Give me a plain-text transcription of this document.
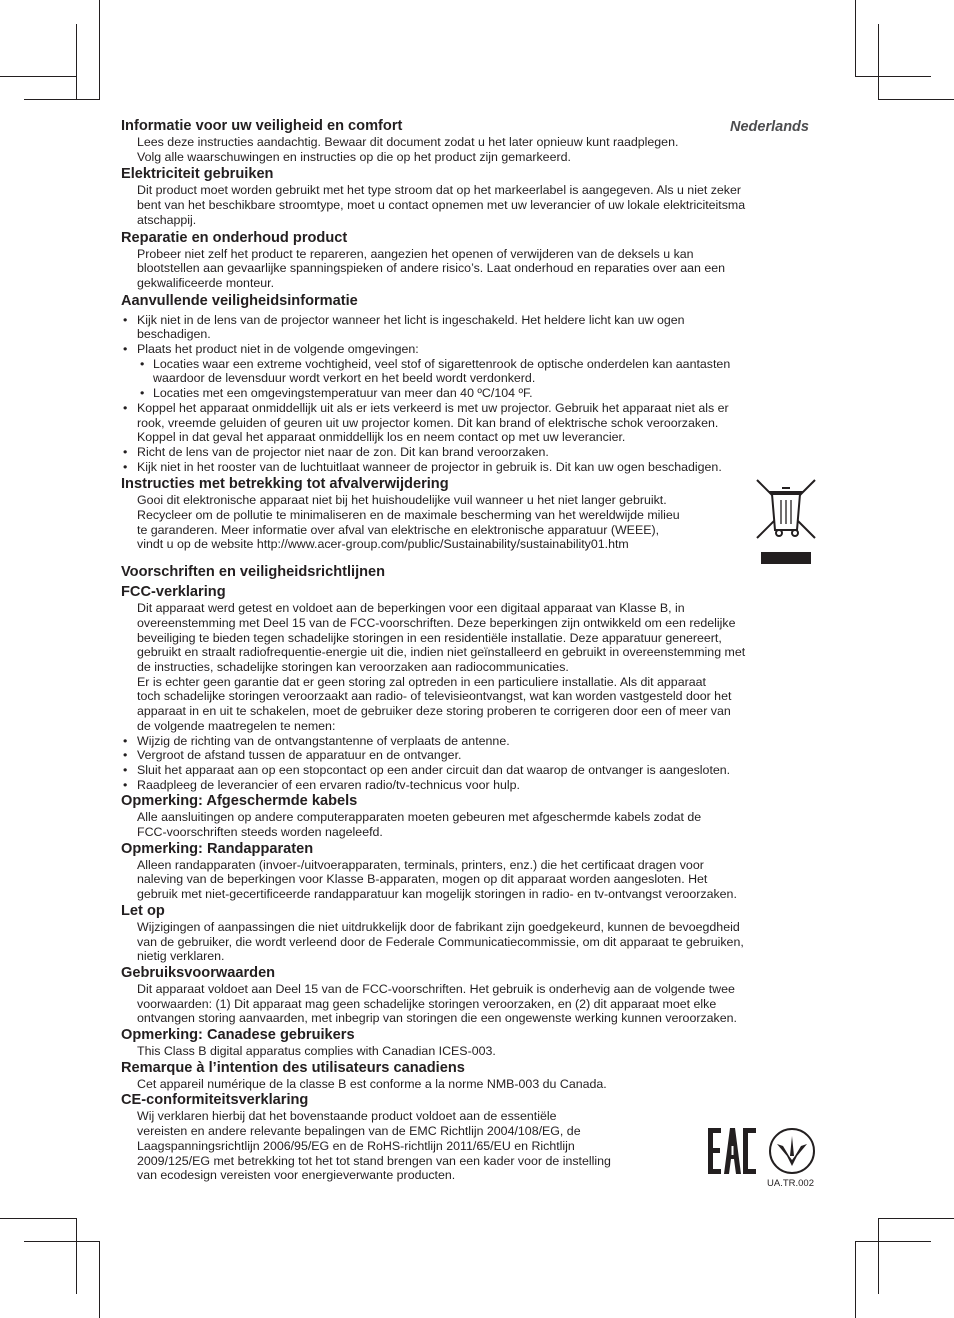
Nederlands
Informatie voor uw veiligheid en comfort
Lees deze instructies aandachtig. Bewaar dit document zodat u het later opnieuw kunt raadplegen.
Volg alle waarschuwingen en instructies op die op het product zijn gemarkeerd.
Elektriciteit gebruiken
Dit product moet worden gebruikt met het type stroom dat op het markeerlabel is aangegeven. Als u niet zeker
bent van het beschikbare stroomtype, moet u contact opnemen met uw leverancier of uw lokale elektriciteitsma
atschappij.
Reparatie en onderhoud product
Probeer niet zelf het product te repareren, aangezien het openen of verwijderen van de deksels u kan
blootstellen aan gevaarlijke spanningspieken of andere risico’s. Laat onderhoud en reparaties over aan een
gekwalificeerde monteur.
Aanvullende veiligheidsinformatie
• Kijk niet in de lens van de projector wanneer het licht is ingeschakeld. Het heldere licht kan uw ogen
beschadigen.
• Plaats het product niet in de volgende omgevingen:
• Locaties waar een extreme vochtigheid, veel stof of sigarettenrook de optische onderdelen kan aantasten
waardoor de levensduur wordt verkort en het beeld wordt verdonkerd.
• Locaties met een omgevingstemperatuur van meer dan 40 ºC/104 ºF.
• Koppel het apparaat onmiddellijk uit als er iets verkeerd is met uw projector. Gebruik het apparaat niet als er
rook, vreemde geluiden of geuren uit uw projector komen. Dit kan brand of elektrische schok veroorzaken.
Koppel in dat geval het apparaat onmiddellijk los en neem contact op met uw leverancier.
• Richt de lens van de projector niet naar de zon. Dit kan brand veroorzaken.
• Kijk niet in het rooster van de luchtuitlaat wanneer de projector in gebruik is. Dit kan uw ogen beschadigen.
Instructies met betrekking tot afvalverwijdering
Gooi dit elektronische apparaat niet bij het huishoudelijke vuil wanneer u het niet langer gebruikt.
Recycleer om de pollutie te minimaliseren en de maximale bescherming van het wereldwijde milieu
te garanderen. Meer informatie over afval van elektrische en elektronische apparatuur (WEEE),
vindt u op de website http://www.acer-group.com/public/Sustainability/sustainability01.htm
Voorschriften en veiligheidsrichtlijnen
FCC-verklaring
Dit apparaat werd getest en voldoet aan de beperkingen voor een digitaal apparaat van Klasse B, in
overeenstemming met Deel 15 van de FCC-voorschriften. Deze beperkingen zijn ontwikkeld om een redelijke
beveiliging te bieden tegen schadelijke storingen in een residentiële installatie. Deze apparatuur genereert,
gebruikt en straalt radiofrequentie-energie uit die, indien niet geïnstalleerd en gebruikt in overeenstemming met
de instructies, schadelijke storingen kan veroorzaken aan radiocommunicaties.
Er is echter geen garantie dat er geen storing zal optreden in een particuliere installatie. Als dit apparaat
toch schadelijke storingen veroorzaakt aan radio- of televisieontvangst, wat kan worden vastgesteld door het
apparaat in en uit te schakelen, moet de gebruiker deze storing proberen te corrigeren door een of meer van
de volgende maatregelen te nemen:
• Wijzig de richting van de ontvangstantenne of verplaats de antenne.
• Vergroot de afstand tussen de apparatuur en de ontvanger.
• Sluit het apparaat aan op een stopcontact op een ander circuit dan dat waarop de ontvanger is aangesloten.
• Raadpleeg de leverancier of een ervaren radio/tv-technicus voor hulp.
Opmerking: Afgeschermde kabels
Alle aansluitingen op andere computerapparaten moeten gebeuren met afgeschermde kabels zodat de
FCC-voorschriften steeds worden nageleefd.
Opmerking: Randapparaten
Alleen randapparaten (invoer-/uitvoerapparaten, terminals, printers, enz.) die het certificaat dragen voor
naleving van de beperkingen voor Klasse B-apparaten, mogen op dit apparaat worden aangesloten. Het
gebruik met niet-gecertificeerde randapparatuur kan mogelijk storingen in radio- en tv-ontvangst veroorzaken.
Let op
Wijzigingen of aanpassingen die niet uitdrukkelijk door de fabrikant zijn goedgekeurd, kunnen de bevoegdheid
van de gebruiker, die wordt verleend door de Federale Communicatiecommissie, om dit apparaat te gebruiken,
nietig verklaren.
Gebruiksvoorwaarden
Dit apparaat voldoet aan Deel 15 van de FCC-voorschriften. Het gebruik is onderhevig aan de volgende twee
voorwaarden: (1) Dit apparaat mag geen schadelijke storingen veroorzaken, en (2) dit apparaat moet elke
ontvangen storing aanvaarden, met inbegrip van storingen die een ongewenste werking kunnen veroorzaken.
Opmerking: Canadese gebruikers
This Class B digital apparatus complies with Canadian ICES-003.
Remarque à l’intention des utilisateurs canadiens
Cet appareil numérique de la classe B est conforme a la norme NMB-003 du Canada.
CE-conformiteitsverklaring
Wij verklaren hierbij dat het bovenstaande product voldoet aan de essentiële
vereisten en andere relevante bepalingen van de EMC Richtlijn 2004/108/EG, de
Laagspanningsrichtlijn 2006/95/EG en de RoHS-richtlijn 2011/65/EU en Richtlijn
2009/125/EG met betrekking tot het tot stand brengen van een kader voor de instelling
van ecodesign vereisten voor energieverwante producten.
UA.TR.002
